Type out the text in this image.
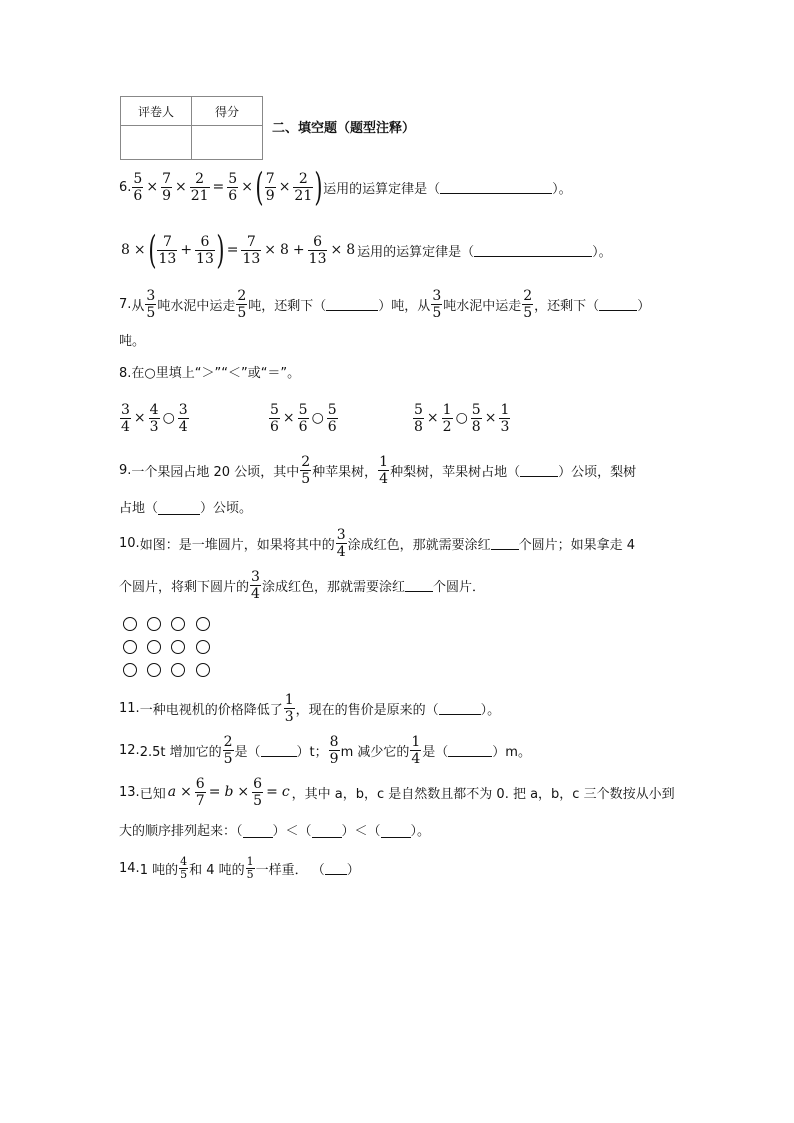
评卷人	得分

二、填空题（题型注释）
6. $\frac{5}{6} \times \frac{7}{9} \times \frac{2}{21} = \frac{5}{6}$ × ( $\frac{7}{9} \times \frac{2}{21}$ ) 运用的运算定律是（	）。
8 × ( $\frac{7}{13} + \frac{6}{13}$ ) = $\frac{7}{13} \times 8 + \frac{6}{13} \times 8$ 运用的运算定律是（	）。
7. 从 $\frac{3}{5}$ 吨水泥中运走 $\frac{2}{5}$ 吨，还剩下（	）吨，从 $\frac{3}{5}$ 吨水泥中运走 $\frac{2}{5}$ ，还剩下（	）
吨。
8.在○里填上“＞”“＜”或“＝”。
$\frac{3}{4} \times \frac{4}{3}$ ○ $\frac{3}{4}$	$\frac{5}{6} \times \frac{5}{6}$ ○ $\frac{5}{6}$	$\frac{5}{8} \times \frac{1}{2}$ ○ $\frac{5}{8} \times \frac{1}{3}$
9. 一个果园占地 20 公顷，其中 $\frac{2}{5}$ 种苹果树， $\frac{1}{4}$ 种梨树，苹果树占地（	）公顷，梨树
占地（	）公顷。
10. 如图：是一堆圆片，如果将其中的 $\frac{3}{4}$ 涂成红色，那就需要涂红 个圆片；如果拿走 4
个圆片，将剩下圆片的 $\frac{3}{4}$ 涂成红色，那就需要涂红 个圆片．
11. 一种电视机的价格降低了 $\frac{1}{3}$ ，现在的售价是原来的（	）。
12. 2.5t 增加它的 $\frac{2}{5}$ 是（	）t； $\frac{8}{9}$ m 减少它的 $\frac{1}{4}$ 是（	）m。
13. 已知 $a \times \frac{6}{7} = b \times \frac{6}{5} = c$ ，其中 a，b，c 是自然数且都不为 0. 把 a，b，c 三个数按从小到
大的顺序排列起来：（ ）＜（ ）＜（ ）。
14. 1 吨的 $\frac{4}{5}$ 和 4 吨的 $\frac{1}{5}$ 一样重． （ ）
